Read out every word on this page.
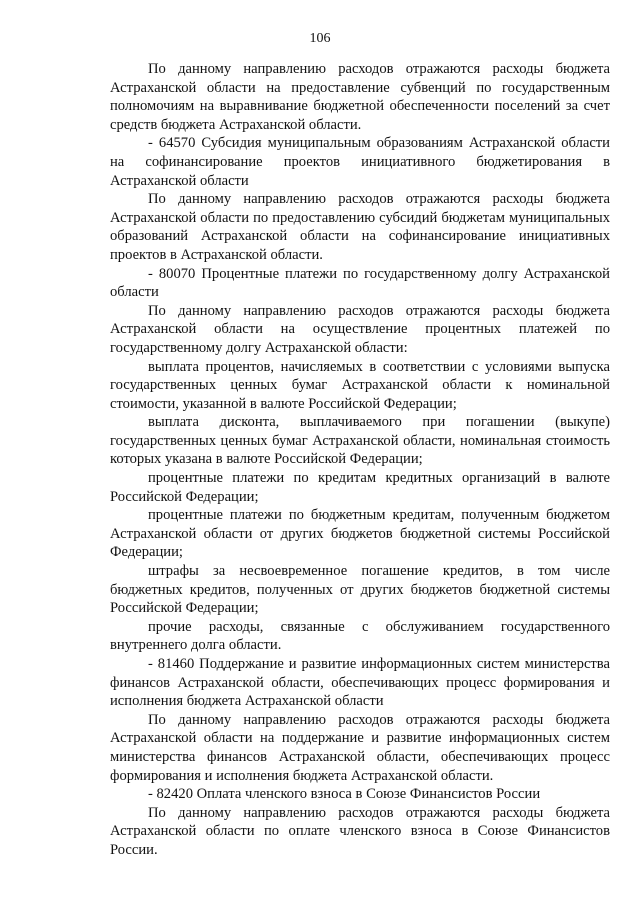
106

По данному направлению расходов отражаются расходы бюджета Астраханской области на предоставление субвенций по государственным полномочиям на выравнивание бюджетной обеспеченности поселений за счет средств бюджета Астраханской области.

- 64570 Субсидия муниципальным образованиям Астраханской области на софинансирование проектов инициативного бюджетирования в Астраханской области

По данному направлению расходов отражаются расходы бюджета Астраханской области по предоставлению субсидий бюджетам муниципальных образований Астраханской области на софинансирование инициативных проектов в Астраханской области.

- 80070 Процентные платежи по государственному долгу Астраханской области

По данному направлению расходов отражаются расходы бюджета Астраханской области на осуществление процентных платежей по государственному долгу Астраханской области:

выплата процентов, начисляемых в соответствии с условиями выпуска государственных ценных бумаг Астраханской области к номинальной стоимости, указанной в валюте Российской Федерации;

выплата дисконта, выплачиваемого при погашении (выкупе) государственных ценных бумаг Астраханской области, номинальная стоимость которых указана в валюте Российской Федерации;

процентные платежи по кредитам кредитных организаций в валюте Российской Федерации;

процентные платежи по бюджетным кредитам, полученным бюджетом Астраханской области от других бюджетов бюджетной системы Российской Федерации;

штрафы за несвоевременное погашение кредитов, в том числе бюджетных кредитов, полученных от других бюджетов бюджетной системы Российской Федерации;

прочие расходы, связанные с обслуживанием государственного внутреннего долга области.

- 81460 Поддержание и развитие информационных систем министерства финансов Астраханской области, обеспечивающих процесс формирования и исполнения бюджета Астраханской области

По данному направлению расходов отражаются расходы бюджета Астраханской области на поддержание и развитие информационных систем министерства финансов Астраханской области, обеспечивающих процесс формирования и исполнения бюджета Астраханской области.

- 82420 Оплата членского взноса в Союзе Финансистов России

По данному направлению расходов отражаются расходы бюджета Астраханской области по оплате членского взноса в Союзе Финансистов России.
